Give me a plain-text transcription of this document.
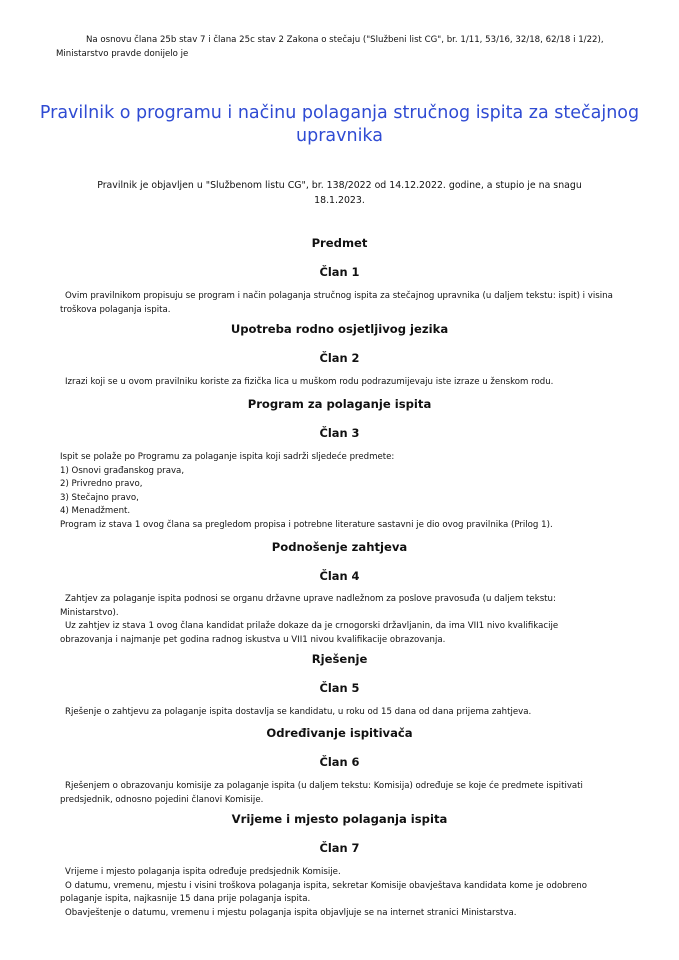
Na osnovu člana 25b stav 7 i člana 25c stav 2 Zakona o stečaju ("Službeni list CG", br. 1/11, 53/16, 32/18, 62/18 i 1/22),
Ministarstvo pravde donijelo je
Pravilnik o programu i načinu polaganja stručnog ispita za stečajnog
upravnika
Pravilnik je objavljen u "Službenom listu CG", br. 138/2022 od 14.12.2022. godine, a stupio je na snagu
18.1.2023.
Predmet
Član 1
Ovim pravilnikom propisuju se program i način polaganja stručnog ispita za stečajnog upravnika (u daljem tekstu: ispit) i visina
troškova polaganja ispita.
Upotreba rodno osjetljivog jezika
Član 2
Izrazi koji se u ovom pravilniku koriste za fizička lica u muškom rodu podrazumijevaju iste izraze u ženskom rodu.
Program za polaganje ispita
Član 3
Ispit se polaže po Programu za polaganje ispita koji sadrži sljedeće predmete:
1) Osnovi građanskog prava,
2) Privredno pravo,
3) Stečajno pravo,
4) Menadžment.
Program iz stava 1 ovog člana sa pregledom propisa i potrebne literature sastavni je dio ovog pravilnika (Prilog 1).
Podnošenje zahtjeva
Član 4
Zahtjev za polaganje ispita podnosi se organu državne uprave nadležnom za poslove pravosuđa (u daljem tekstu:
Ministarstvo).
Uz zahtjev iz stava 1 ovog člana kandidat prilaže dokaze da je crnogorski državljanin, da ima VII1 nivo kvalifikacije
obrazovanja i najmanje pet godina radnog iskustva u VII1 nivou kvalifikacije obrazovanja.
Rješenje
Član 5
Rješenje o zahtjevu za polaganje ispita dostavlja se kandidatu, u roku od 15 dana od dana prijema zahtjeva.
Određivanje ispitivača
Član 6
Rješenjem o obrazovanju komisije za polaganje ispita (u daljem tekstu: Komisija) određuje se koje će predmete ispitivati
predsjednik, odnosno pojedini članovi Komisije.
Vrijeme i mjesto polaganja ispita
Član 7
Vrijeme i mjesto polaganja ispita određuje predsjednik Komisije.
O datumu, vremenu, mjestu i visini troškova polaganja ispita, sekretar Komisije obavještava kandidata kome je odobreno
polaganje ispita, najkasnije 15 dana prije polaganja ispita.
Obavještenje o datumu, vremenu i mjestu polaganja ispita objavljuje se na internet stranici Ministarstva.
